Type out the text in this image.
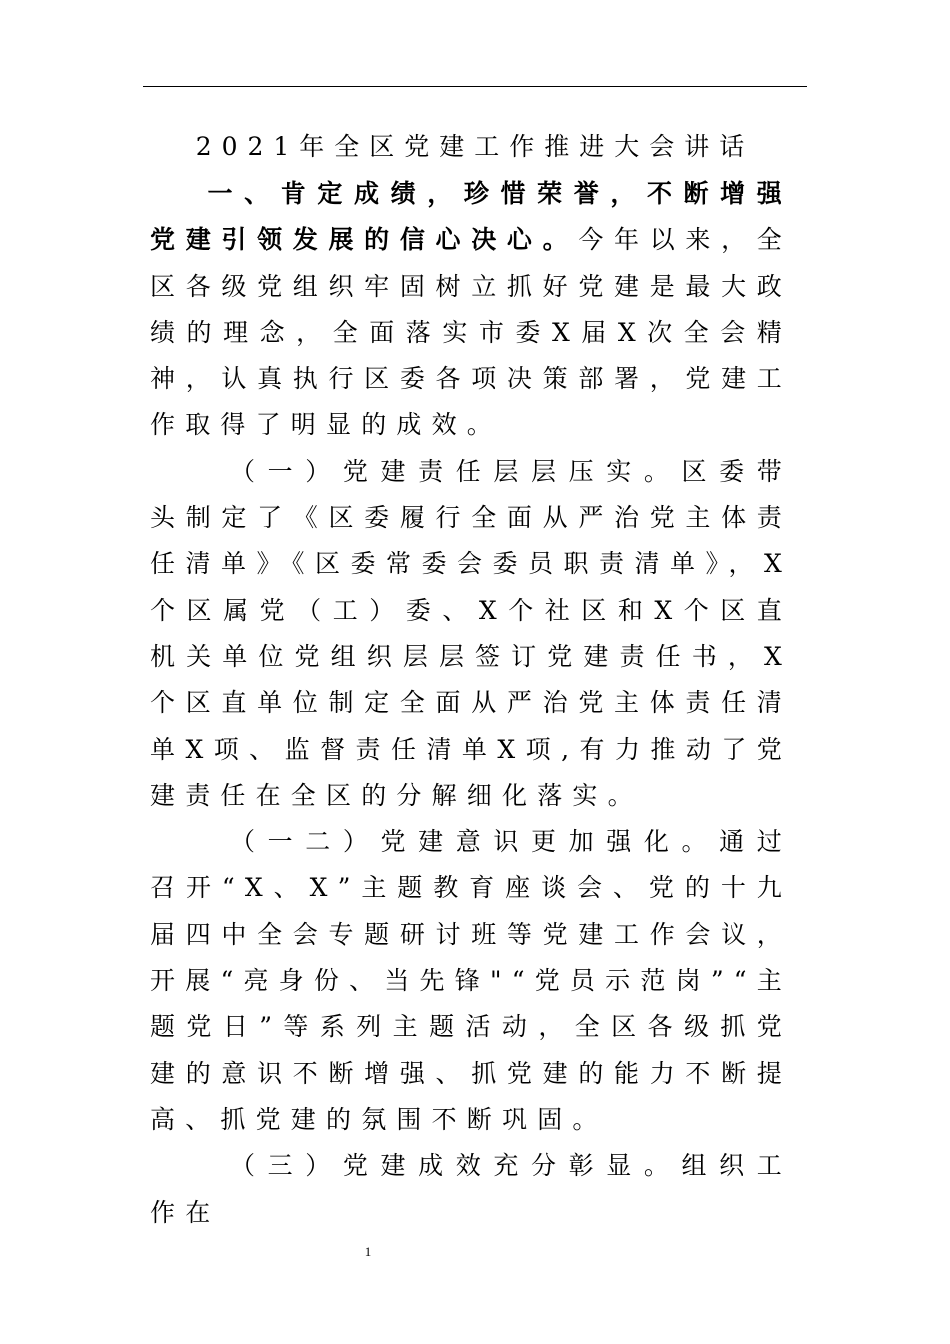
2021年全区党建工作推进大会讲话

一、肯定成绩，珍惜荣誉，不断增强党建引领发展的信心决心。今年以来，全区各级党组织牢固树立抓好党建是最大政绩的理念，全面落实市委X届X次全会精神，认真执行区委各项决策部署，党建工作取得了明显的成效。

（一）党建责任层层压实。区委带头制定了《区委履行全面从严治党主体责任清单》《区委常委会委员职责清单》，X个区属党（工）委、X个社区和X个区直机关单位党组织层层签订党建责任书，X个区直单位制定全面从严治党主体责任清单X项、监督责任清单X项,有力推动了党建责任在全区的分解细化落实。

（一二）党建意识更加强化。通过召开“X、X”主题教育座谈会、党的十九届四中全会专题研讨班等党建工作会议，开展“亮身份、当先锋"“党员示范岗”“主题党日”等系列主题活动，全区各级抓党建的意识不断增强、抓党建的能力不断提高、抓党建的氛围不断巩固。

（三）党建成效充分彰显。组织工作在

1
